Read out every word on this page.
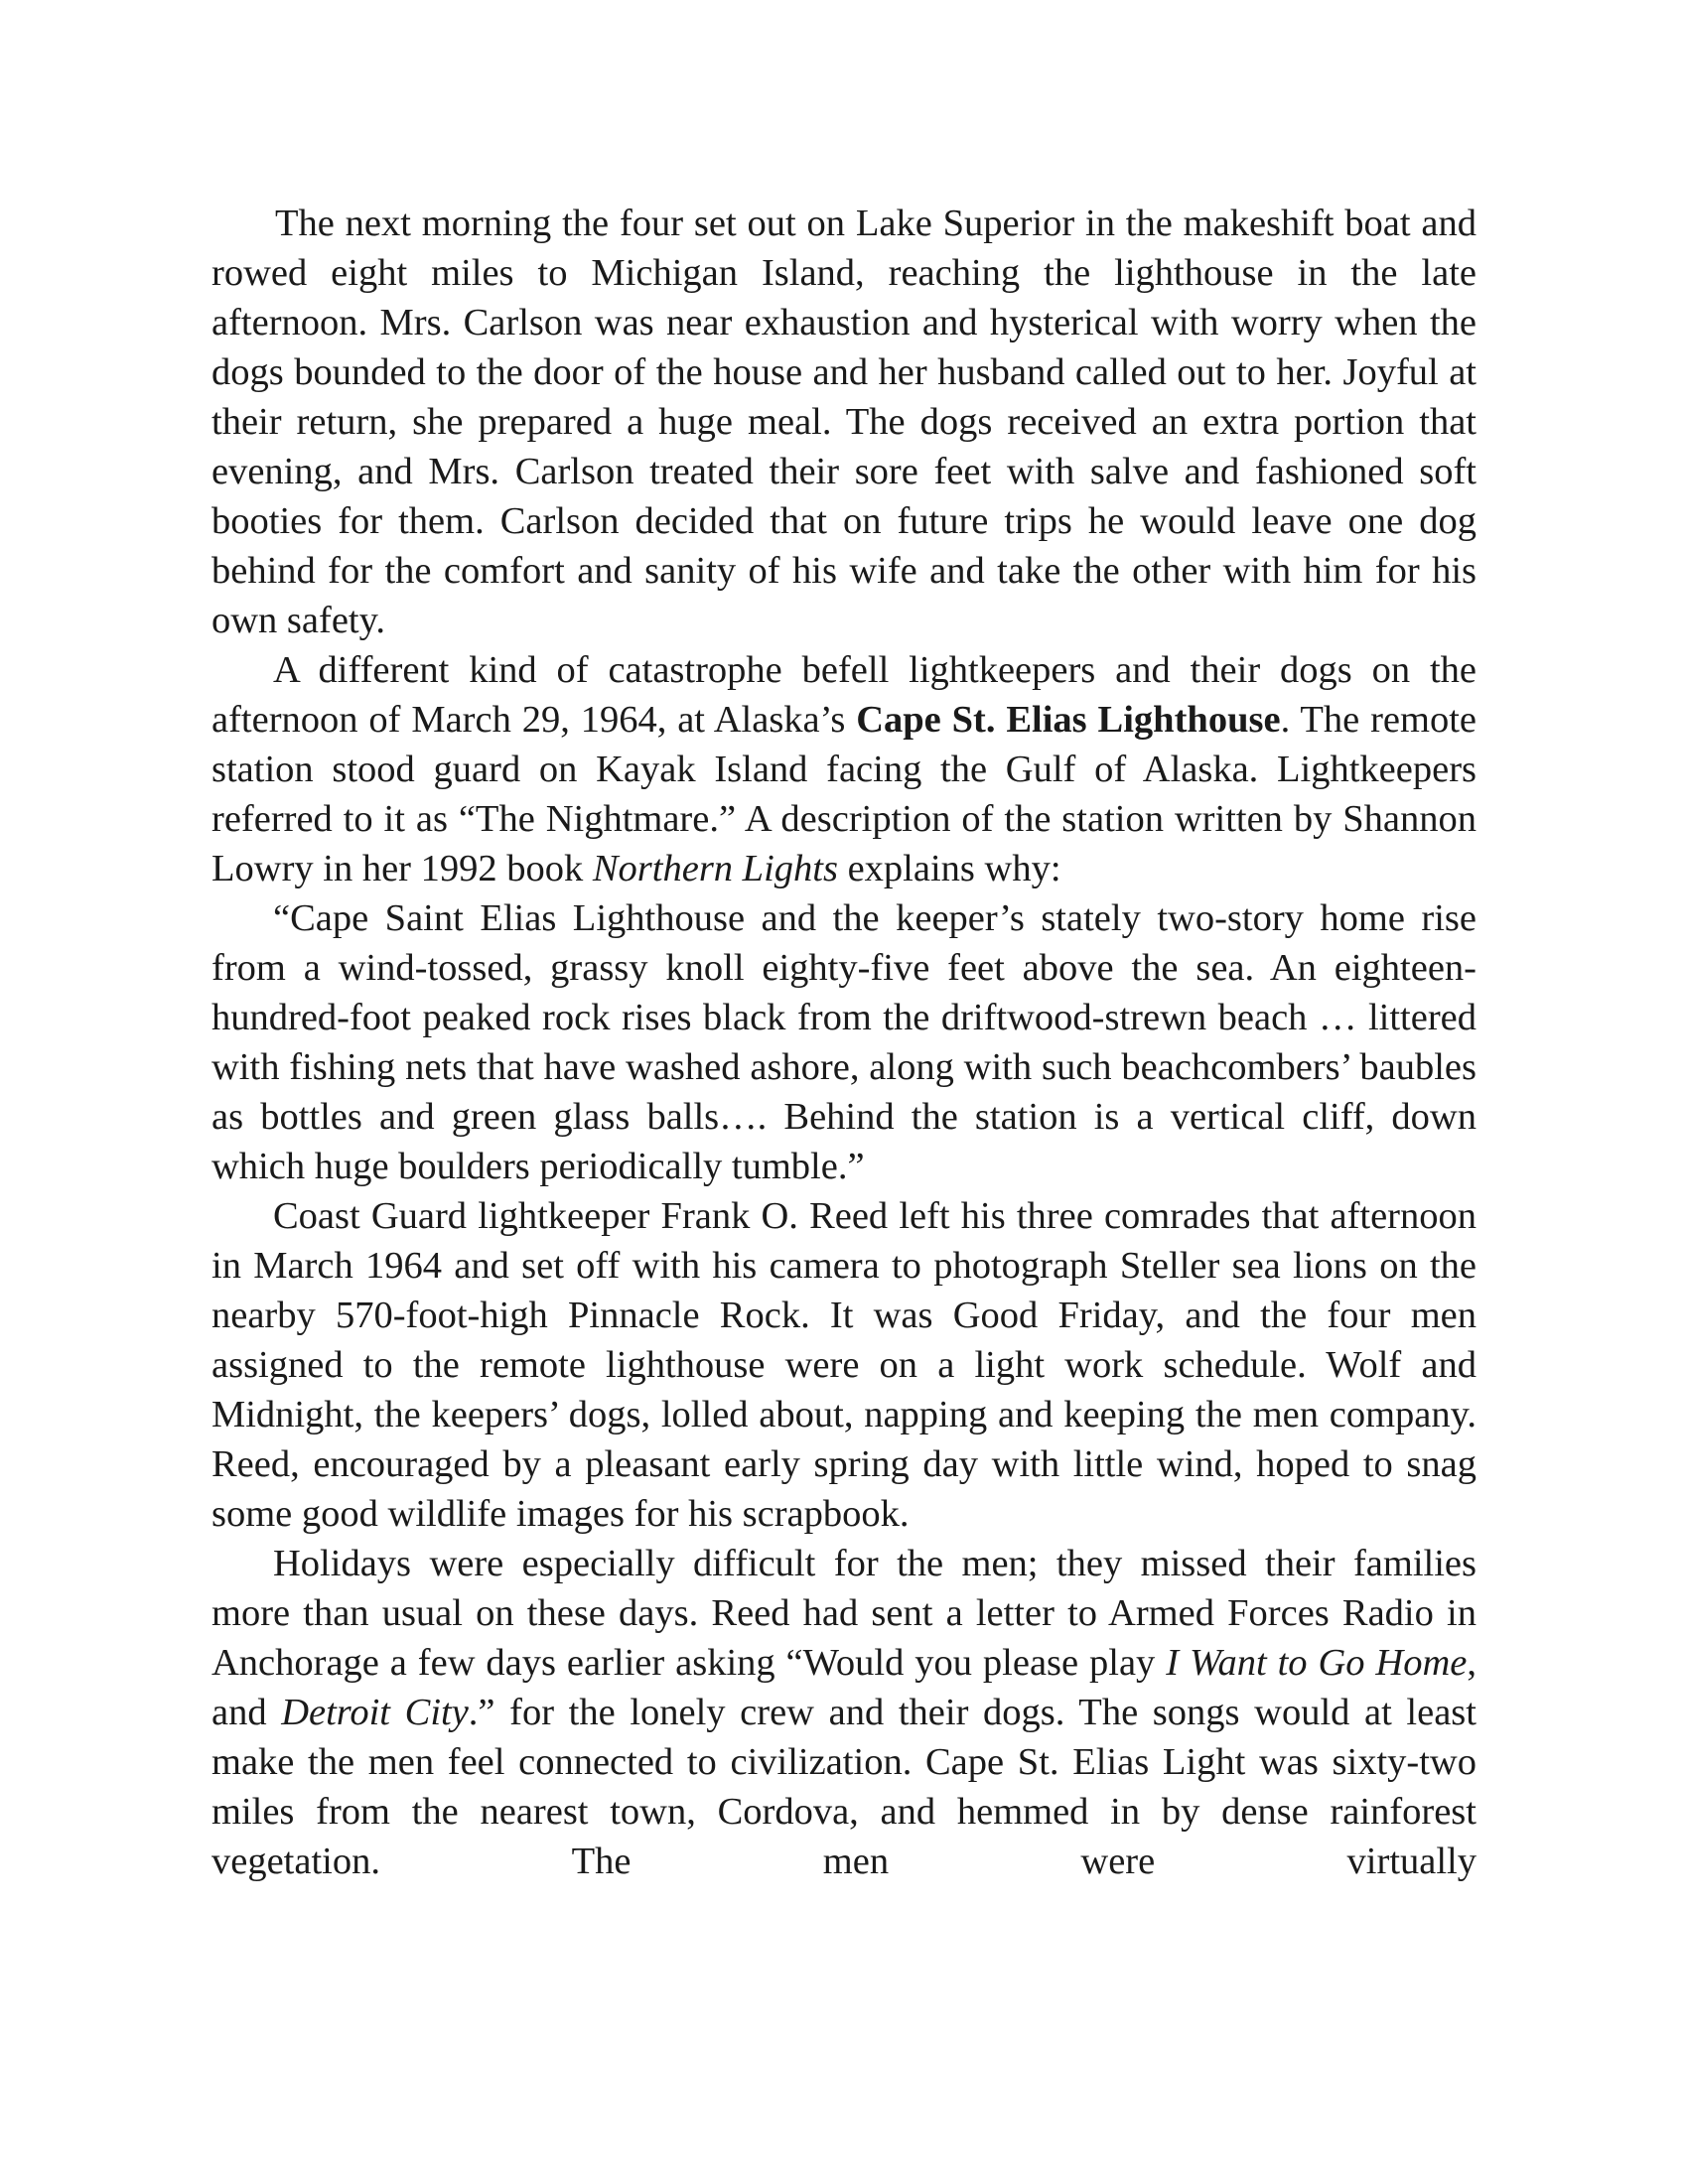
The next morning the four set out on Lake Superior in the makeshift boat and rowed eight miles to Michigan Island, reaching the lighthouse in the late afternoon. Mrs. Carlson was near exhaustion and hysterical with worry when the dogs bounded to the door of the house and her husband called out to her. Joyful at their return, she prepared a huge meal. The dogs received an extra portion that evening, and Mrs. Carlson treated their sore feet with salve and fashioned soft booties for them. Carlson decided that on future trips he would leave one dog behind for the comfort and sanity of his wife and take the other with him for his own safety.

A different kind of catastrophe befell lightkeepers and their dogs on the afternoon of March 29, 1964, at Alaska’s Cape St. Elias Lighthouse. The remote station stood guard on Kayak Island facing the Gulf of Alaska. Lightkeepers referred to it as “The Nightmare.” A description of the station written by Shannon Lowry in her 1992 book Northern Lights explains why:

“Cape Saint Elias Lighthouse and the keeper’s stately two-story home rise from a wind-tossed, grassy knoll eighty-five feet above the sea. An eighteen-hundred-foot peaked rock rises black from the driftwood-strewn beach … littered with fishing nets that have washed ashore, along with such beachcombers’ baubles as bottles and green glass balls…. Behind the station is a vertical cliff, down which huge boulders periodically tumble.”

Coast Guard lightkeeper Frank O. Reed left his three comrades that afternoon in March 1964 and set off with his camera to photograph Steller sea lions on the nearby 570-foot-high Pinnacle Rock. It was Good Friday, and the four men assigned to the remote lighthouse were on a light work schedule. Wolf and Midnight, the keepers’ dogs, lolled about, napping and keeping the men company. Reed, encouraged by a pleasant early spring day with little wind, hoped to snag some good wildlife images for his scrapbook.

Holidays were especially difficult for the men; they missed their families more than usual on these days. Reed had sent a letter to Armed Forces Radio in Anchorage a few days earlier asking “Would you please play I Want to Go Home, and Detroit City.” for the lonely crew and their dogs. The songs would at least make the men feel connected to civilization. Cape St. Elias Light was sixty-two miles from the nearest town, Cordova, and hemmed in by dense rainforest vegetation. The men were virtually
